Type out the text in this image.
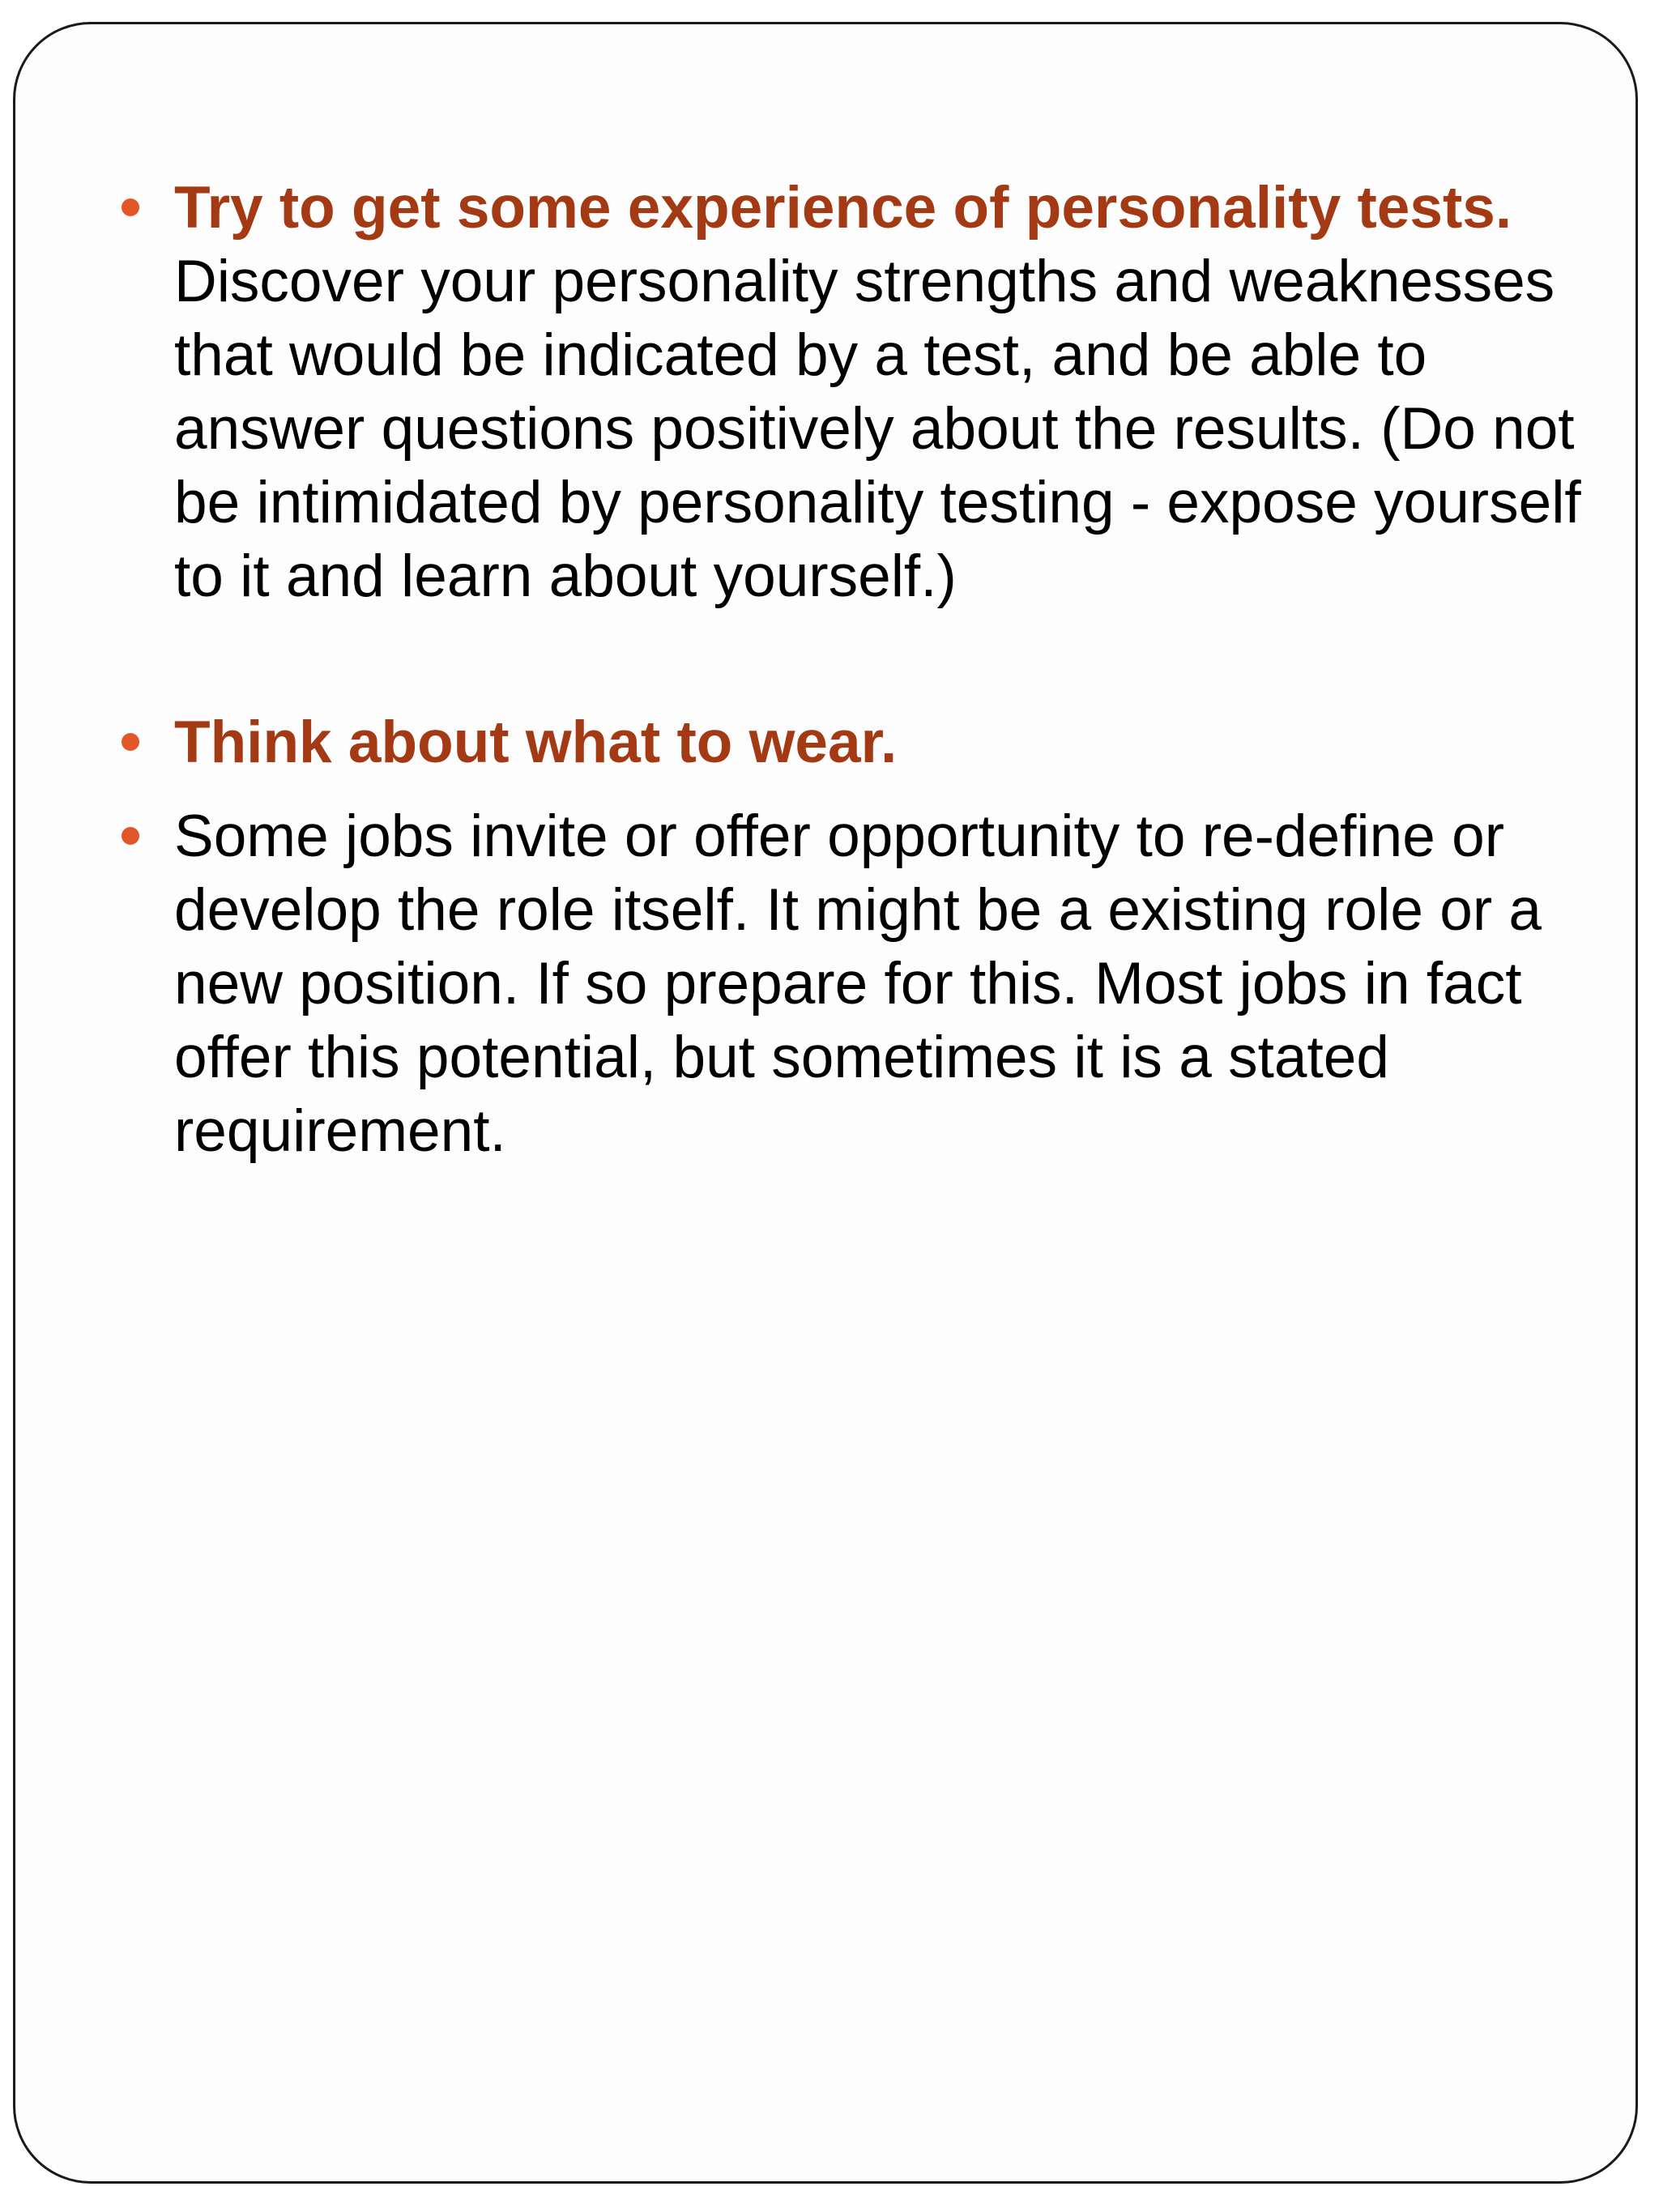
Try to get some experience of personality tests. Discover your personality strengths and weaknesses that would be indicated by a test, and be able to answer questions positively about the results. (Do not be intimidated by personality testing - expose yourself to it and learn about yourself.)
Think about what to wear.
Some jobs invite or offer opportunity to re-define or develop the role itself. It might be a existing role or a new position. If so prepare for this. Most jobs in fact offer this potential, but sometimes it is a stated requirement.
